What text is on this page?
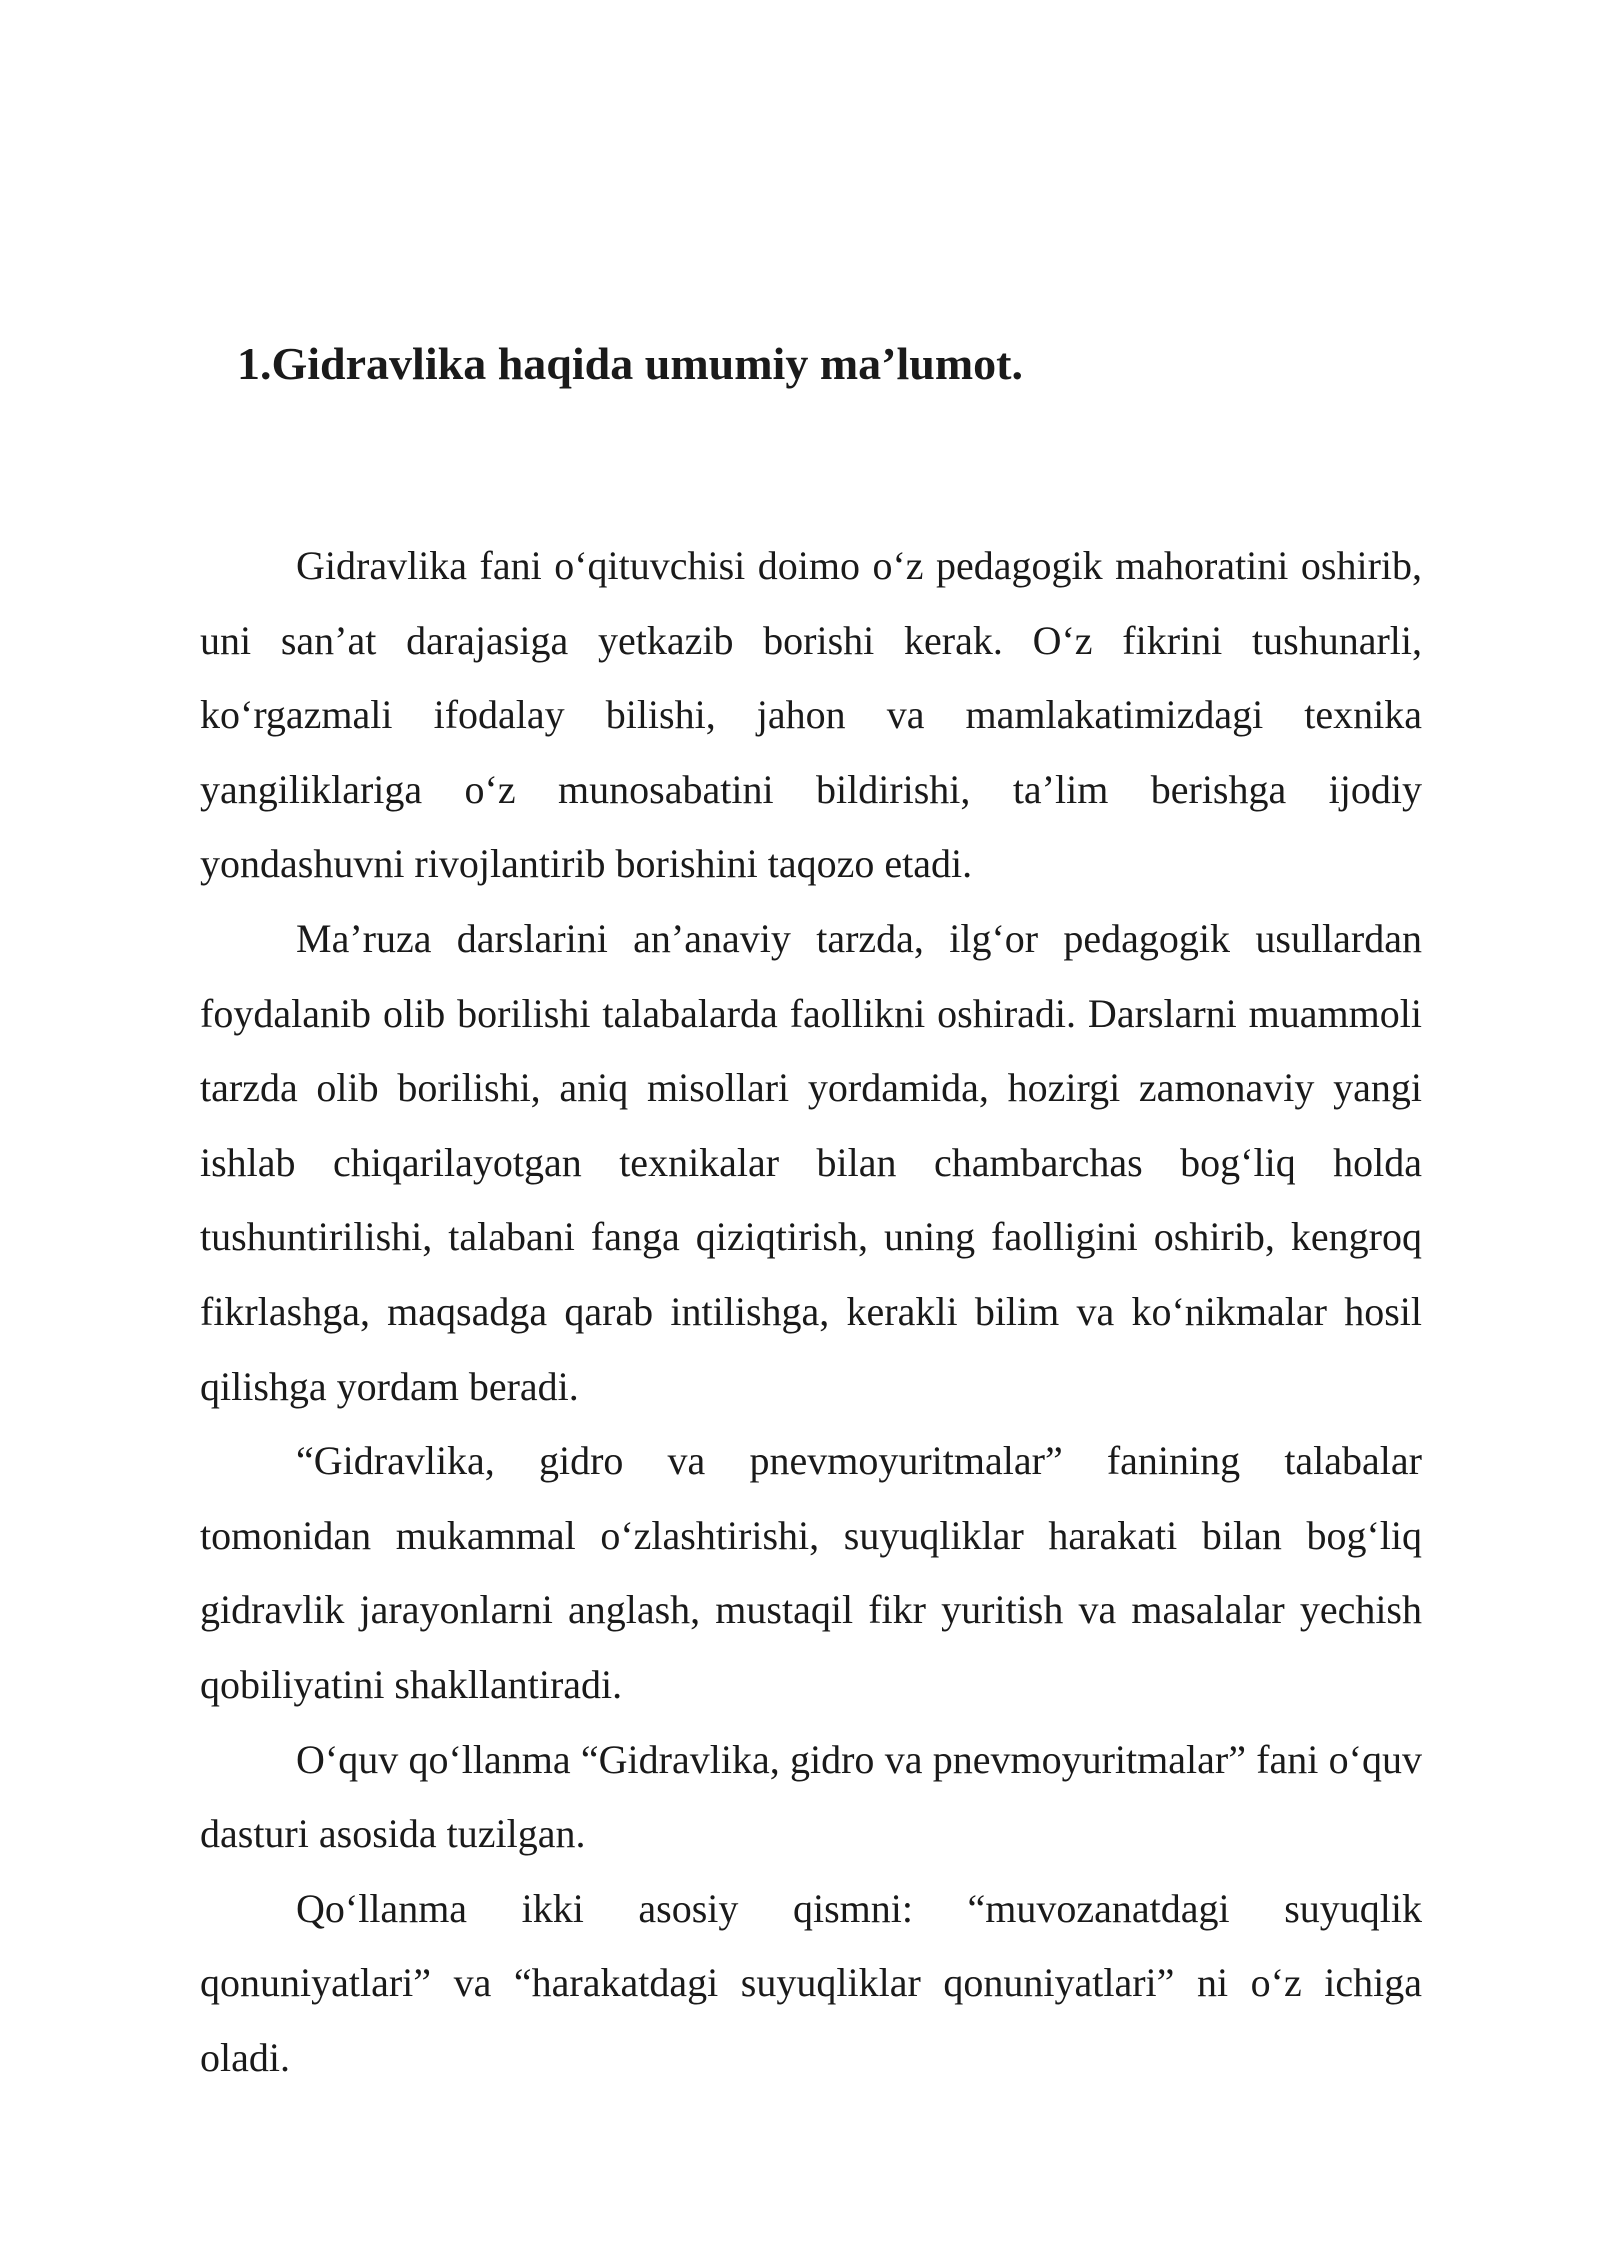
1.Gidravlika haqida umumiy ma’lumot.

Gidravlika fani o‘qituvchisi doimo o‘z pedagogik mahoratini oshirib, uni san’at darajasiga yetkazib borishi kerak. O‘z fikrini tushunarli, ko‘rgazmali ifodalay bilishi, jahon va mamlakatimizdagi texnika yangiliklariga o‘z munosabatini bildirishi, ta’lim berishga ijodiy yondashuvni rivojlantirib borishini taqozo etadi.

Ma’ruza darslarini an’anaviy tarzda, ilg‘or pedagogik usullardan foydalanib olib borilishi talabalarda faollikni oshiradi. Darslarni muammoli tarzda olib borilishi, aniq misollari yordamida, hozirgi zamonaviy yangi ishlab chiqarilayotgan texnikalar bilan chambarchas bog‘liq holda tushuntirilishi, talabani fanga qiziqtirish, uning faolligini oshirib, kengroq fikrlashga, maqsadga qarab intilishga, kerakli bilim va ko‘nikmalar hosil qilishga yordam beradi.

“Gidravlika, gidro va pnevmoyuritmalar” fanining talabalar tomonidan mukammal o‘zlashtirishi, suyuqliklar harakati bilan bog‘liq gidravlik jarayonlarni anglash, mustaqil fikr yuritish va masalalar yechish qobiliyatini shakllantiradi.

O‘quv qo‘llanma “Gidravlika, gidro va pnevmoyuritmalar” fani o‘quv dasturi asosida tuzilgan.

Qo‘llanma ikki asosiy qismni: “muvozanatdagi suyuqlik qonuniyatlari” va “harakatdagi suyuqliklar qonuniyatlari” ni o‘z ichiga oladi.
